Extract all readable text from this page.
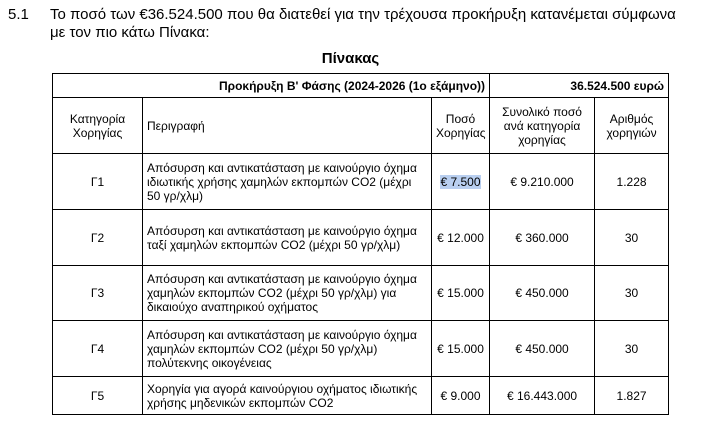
5.1 Το ποσό των €36.524.500 που θα διατεθεί για την τρέχουσα προκήρυξη κατανέμεται σύμφωνα
με τον πιο κάτω Πίνακα:
Πίνακας
Προκήρυξη Β' Φάσης (2024-2026 (1ο εξάμηνο))			36.524.500 ευρώ	
Κατηγορία Χορηγίας	Περιγραφή	Ποσό Χορηγίας	Συνολικό ποσό ανά κατηγορία χορηγίας	Αριθμός χορηγιών
Γ1	Απόσυρση και αντικατάσταση με καινούργιο όχημα ιδιωτικής χρήσης χαμηλών εκπομπών CO2 (μέχρι 50 γρ/χλμ)	€ 7.500	€ 9.210.000	1.228
Γ2	Απόσυρση και αντικατάσταση με καινούργιο όχημα ταξί χαμηλών εκπομπών CO2 (μέχρι 50 γρ/χλμ)	€ 12.000	€ 360.000	30
Γ3	Απόσυρση και αντικατάσταση με καινούργιο όχημα χαμηλών εκπομπών CO2 (μέχρι 50 γρ/χλμ) για δικαιούχο αναπηρικού οχήματος	€ 15.000	€ 450.000	30
Γ4	Απόσυρση και αντικατάσταση με καινούργιο όχημα χαμηλών εκπομπών CO2 (μέχρι 50 γρ/χλμ) πολύτεκνης οικογένειας	€ 15.000	€ 450.000	30
Γ5	Χορηγία για αγορά καινούργιου οχήματος ιδιωτικής χρήσης μηδενικών εκπομπών CO2	€ 9.000	€ 16.443.000	1.827
